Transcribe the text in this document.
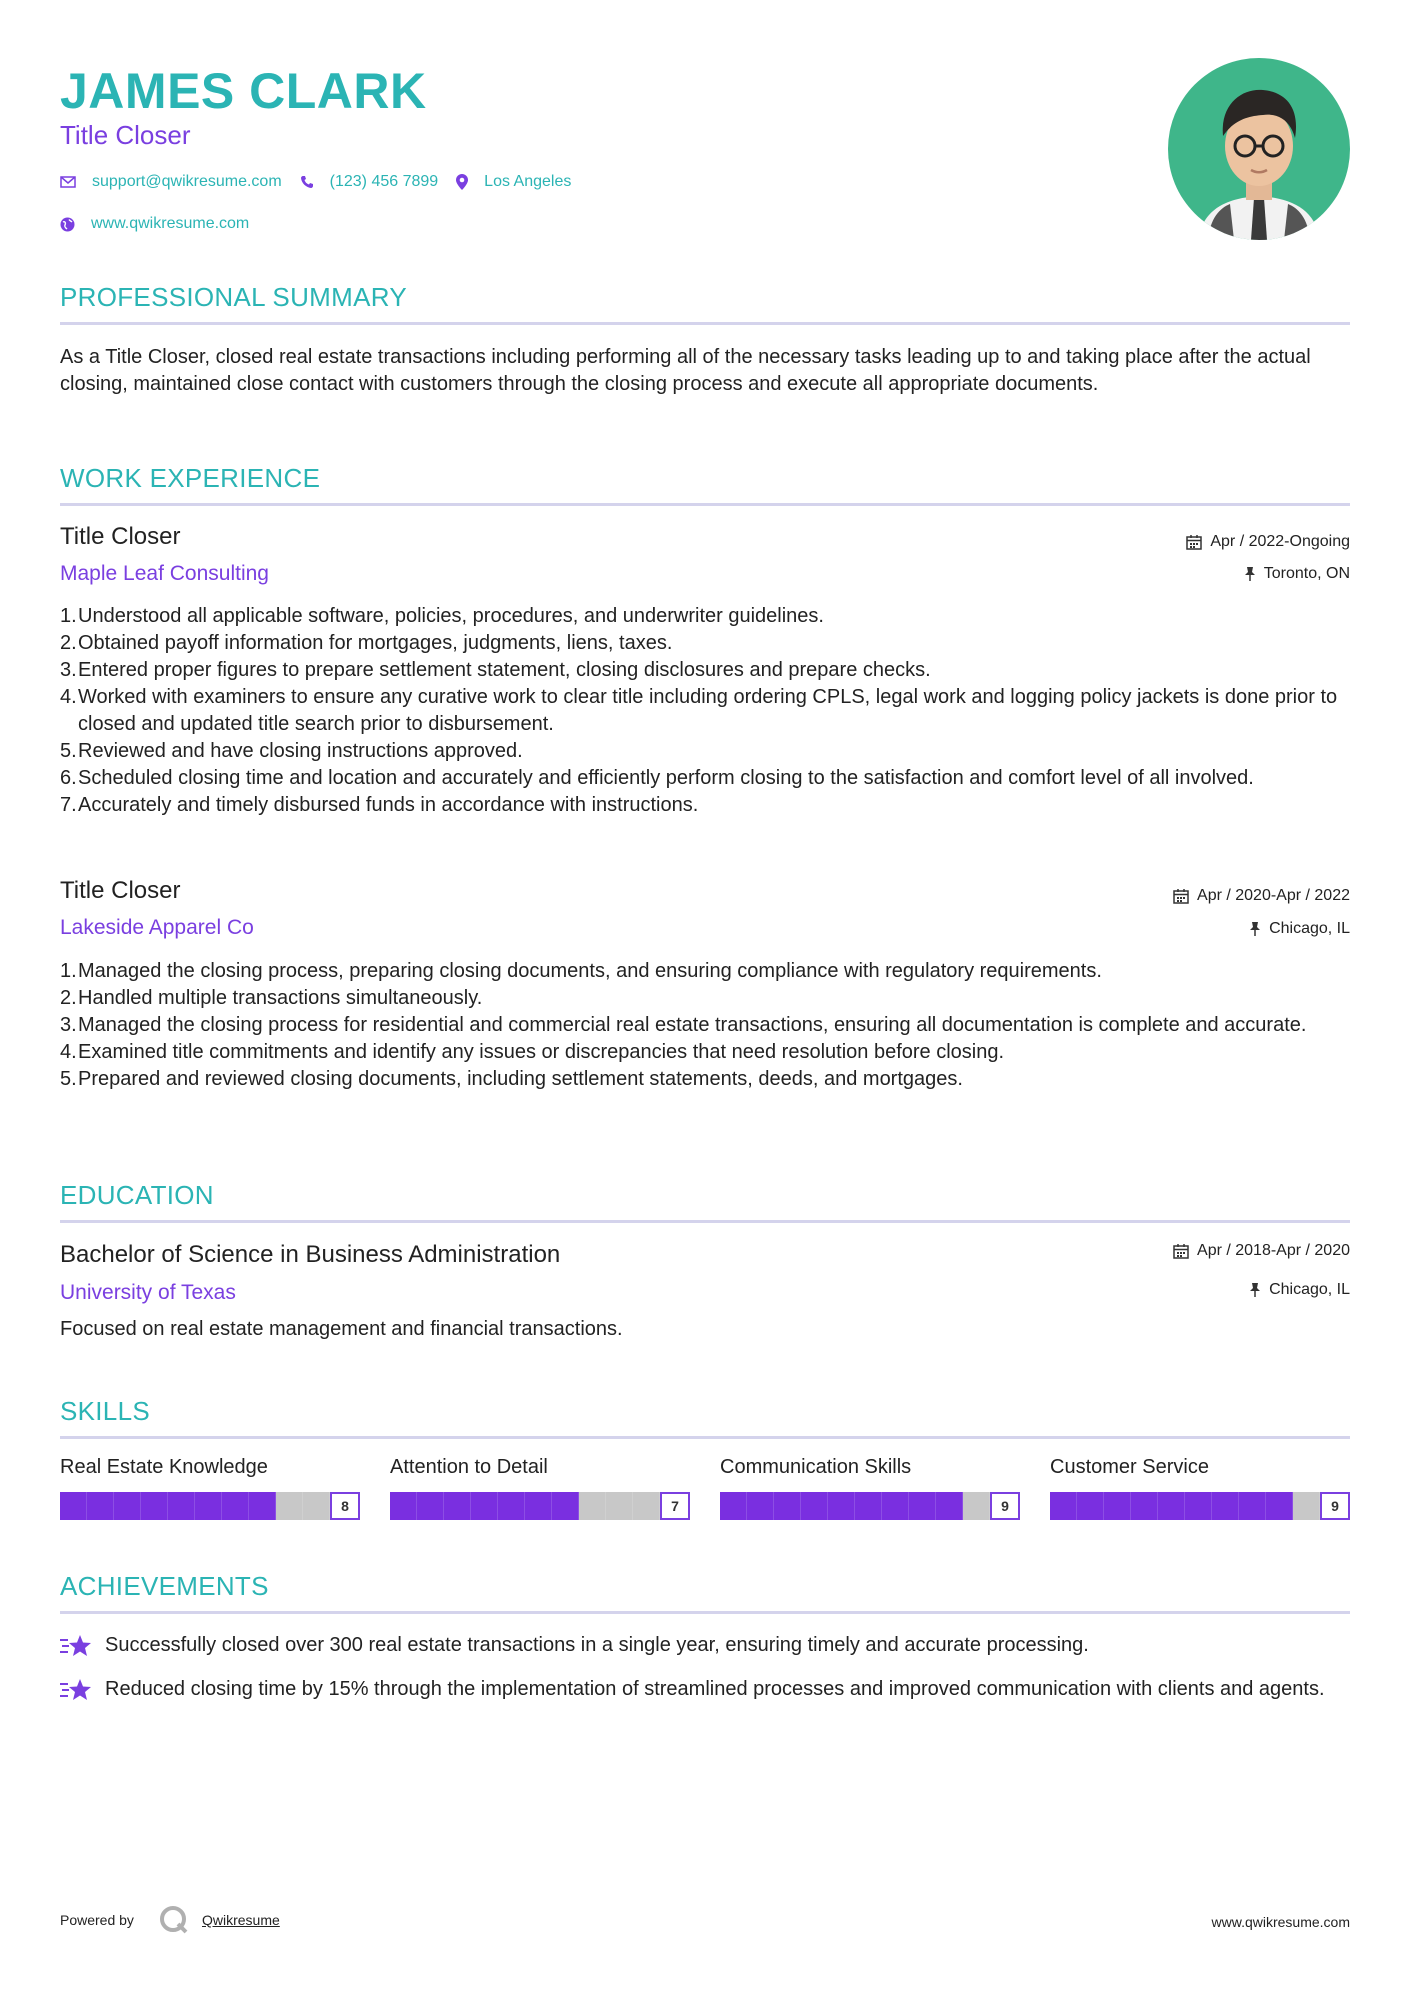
JAMES CLARK
Title Closer
support@qwikresume.com	(123) 456 7899	Los Angeles
www.qwikresume.com
PROFESSIONAL SUMMARY
As a Title Closer, closed real estate transactions including performing all of the necessary tasks leading up to and taking place after the actual closing, maintained close contact with customers through the closing process and execute all appropriate documents.
WORK EXPERIENCE
Title Closer
Maple Leaf Consulting
Apr / 2022-Ongoing
Toronto, ON
1. Understood all applicable software, policies, procedures, and underwriter guidelines.
2. Obtained payoff information for mortgages, judgments, liens, taxes.
3. Entered proper figures to prepare settlement statement, closing disclosures and prepare checks.
4. Worked with examiners to ensure any curative work to clear title including ordering CPLS, legal work and logging policy jackets is done prior to closed and updated title search prior to disbursement.
5. Reviewed and have closing instructions approved.
6. Scheduled closing time and location and accurately and efficiently perform closing to the satisfaction and comfort level of all involved.
7. Accurately and timely disbursed funds in accordance with instructions.
Title Closer
Lakeside Apparel Co
Apr / 2020-Apr / 2022
Chicago, IL
1. Managed the closing process, preparing closing documents, and ensuring compliance with regulatory requirements.
2. Handled multiple transactions simultaneously.
3. Managed the closing process for residential and commercial real estate transactions, ensuring all documentation is complete and accurate.
4. Examined title commitments and identify any issues or discrepancies that need resolution before closing.
5. Prepared and reviewed closing documents, including settlement statements, deeds, and mortgages.
EDUCATION
Bachelor of Science in Business Administration
University of Texas
Apr / 2018-Apr / 2020
Chicago, IL
Focused on real estate management and financial transactions.
SKILLS
Real Estate Knowledge
8
Attention to Detail
7
Communication Skills
9
Customer Service
9
ACHIEVEMENTS
Successfully closed over 300 real estate transactions in a single year, ensuring timely and accurate processing.
Reduced closing time by 15% through the implementation of streamlined processes and improved communication with clients and agents.
Powered by	Qwikresume	www.qwikresume.com
